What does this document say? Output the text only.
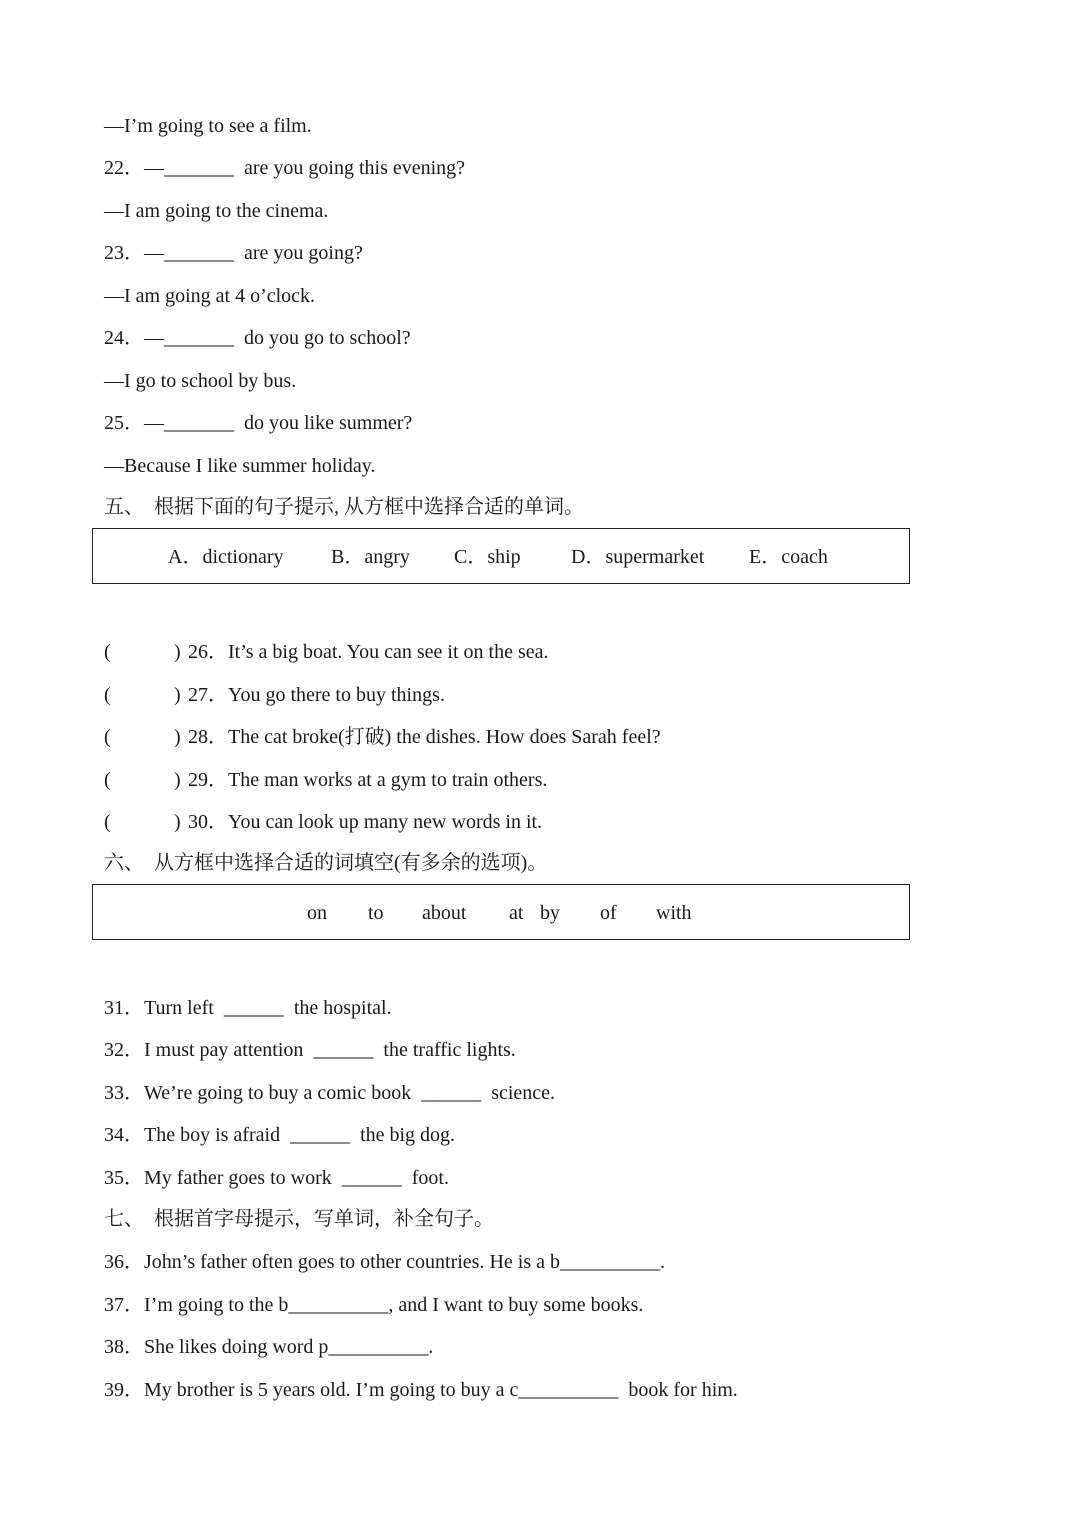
—I’m going to see a film.
22．—_______  are you going this evening?
—I am going to the cinema.
23．—_______  are you going?
—I am going at 4 o’clock.
24．—_______  do you go to school?
—I go to school by bus.
25．—_______  do you like summer?
—Because I like summer holiday.
五、  根据下面的句子提示, 从方框中选择合适的单词。
A．dictionary B．angry C．ship	D．supermarket E．coach
(	) 26．It’s a big boat. You can see it on the sea.
(	) 27．You go there to buy things.
(	) 28．The cat broke(打破) the dishes. How does Sarah feel?
(	) 29．The man works at a gym to train others.
(	) 30．You can look up many new words in it.
六、  从方框中选择合适的词填空(有多余的选项)。
on to about at by of with
31．Turn left  ______  the hospital.
32．I must pay attention  ______  the traffic lights.
33．We’re going to buy a comic book  ______  science.
34．The boy is afraid  ______  the big dog.
35．My father goes to work  ______  foot.
七、  根据首字母提示，写单词，补全句子。
36．John’s father often goes to other countries. He is a b__________.
37．I’m going to the b__________, and I want to buy some books.
38．She likes doing word p__________.
39．My brother is 5 years old. I’m going to buy a c__________  book for him.
